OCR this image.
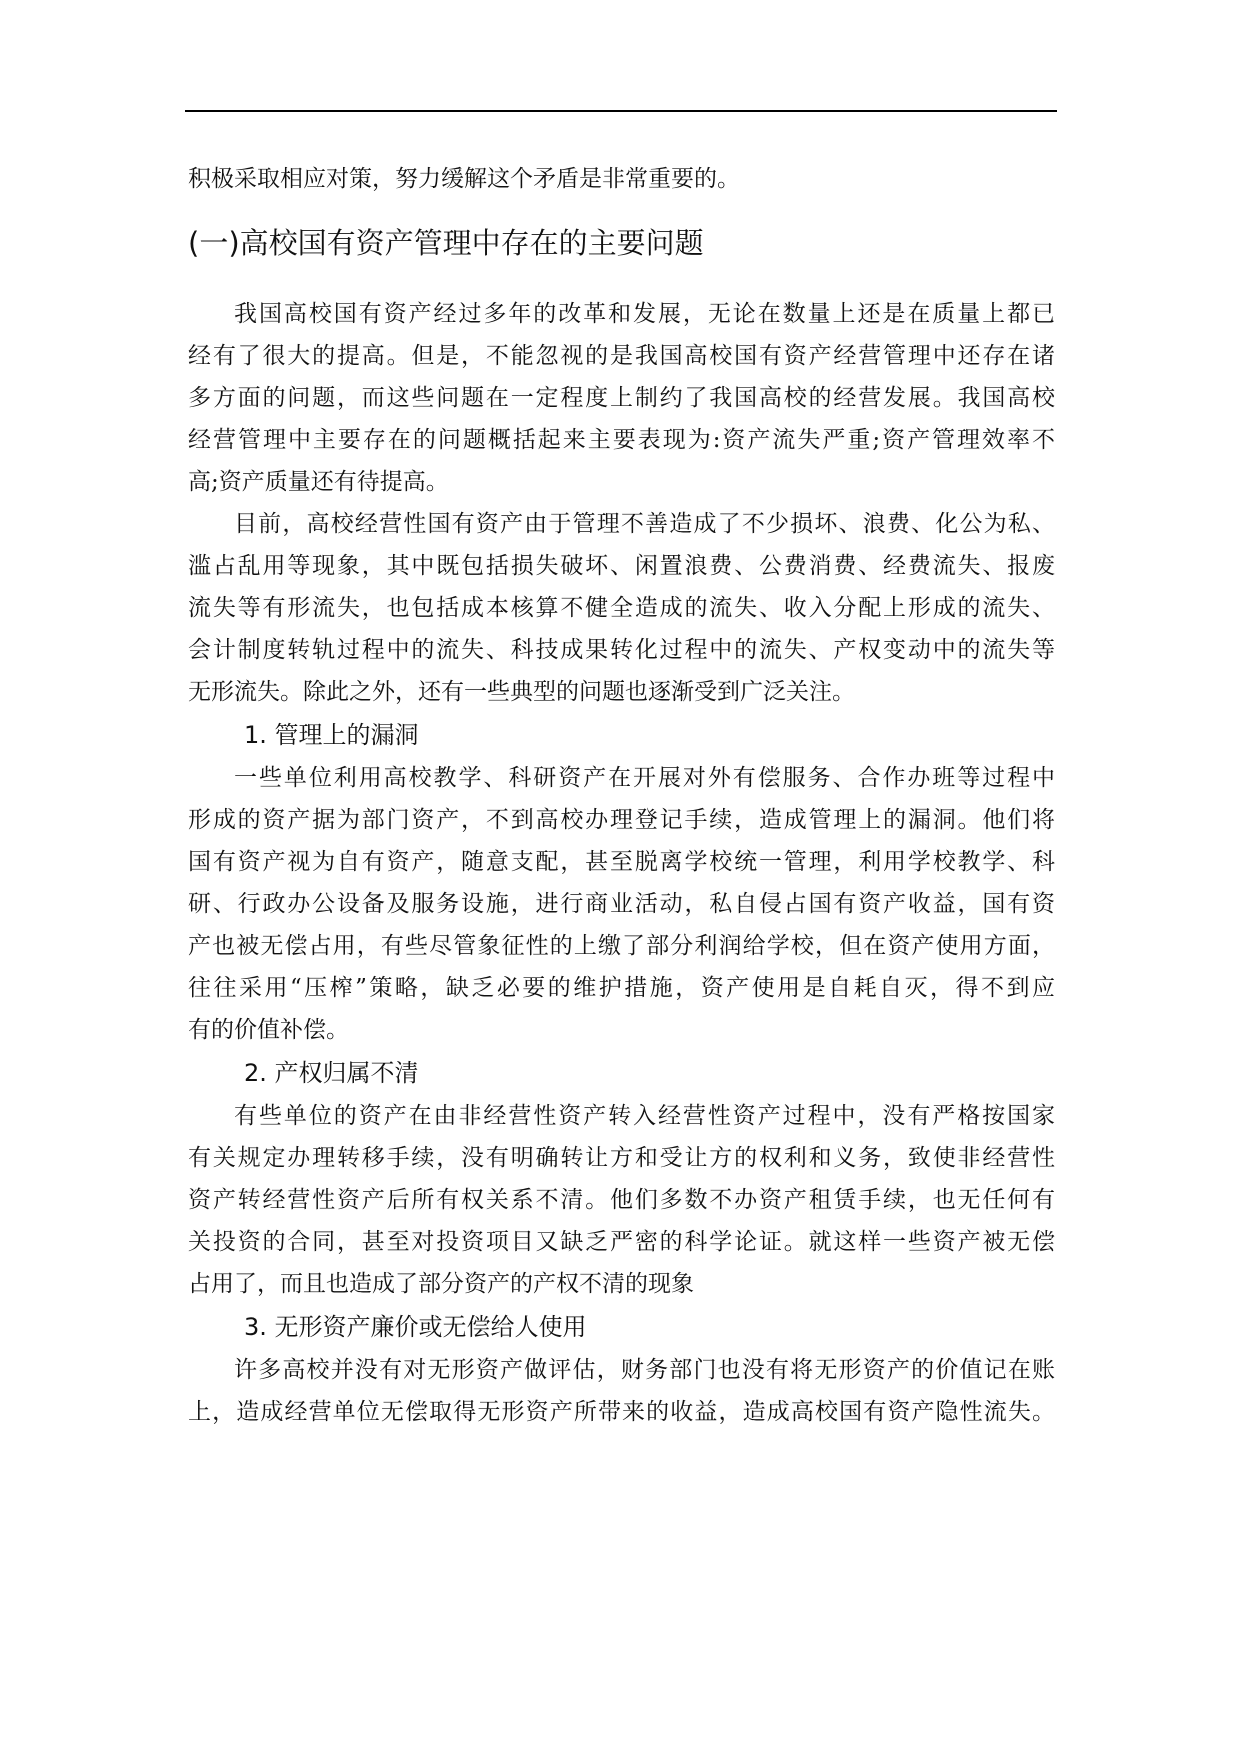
积极采取相应对策，努力缓解这个矛盾是非常重要的。
(一)高校国有资产管理中存在的主要问题
我国高校国有资产经过多年的改革和发展，无论在数量上还是在质量上都已
经有了很大的提高。但是，不能忽视的是我国高校国有资产经营管理中还存在诸
多方面的问题，而这些问题在一定程度上制约了我国高校的经营发展。我国高校
经营管理中主要存在的问题概括起来主要表现为:资产流失严重;资产管理效率不
高;资产质量还有待提高。
目前，高校经营性国有资产由于管理不善造成了不少损坏、浪费、化公为私、
滥占乱用等现象，其中既包括损失破坏、闲置浪费、公费消费、经费流失、报废
流失等有形流失，也包括成本核算不健全造成的流失、收入分配上形成的流失、
会计制度转轨过程中的流失、科技成果转化过程中的流失、产权变动中的流失等
无形流失。除此之外，还有一些典型的问题也逐渐受到广泛关注。
1. 管理上的漏洞
一些单位利用高校教学、科研资产在开展对外有偿服务、合作办班等过程中
形成的资产据为部门资产，不到高校办理登记手续，造成管理上的漏洞。他们将
国有资产视为自有资产，随意支配，甚至脱离学校统一管理，利用学校教学、科
研、行政办公设备及服务设施，进行商业活动，私自侵占国有资产收益，国有资
产也被无偿占用，有些尽管象征性的上缴了部分利润给学校，但在资产使用方面，
往往采用“压榨”策略，缺乏必要的维护措施，资产使用是自耗自灭，得不到应
有的价值补偿。
2. 产权归属不清
有些单位的资产在由非经营性资产转入经营性资产过程中，没有严格按国家
有关规定办理转移手续，没有明确转让方和受让方的权利和义务，致使非经营性
资产转经营性资产后所有权关系不清。他们多数不办资产租赁手续，也无任何有
关投资的合同，甚至对投资项目又缺乏严密的科学论证。就这样一些资产被无偿
占用了，而且也造成了部分资产的产权不清的现象
3. 无形资产廉价或无偿给人使用
许多高校并没有对无形资产做评估，财务部门也没有将无形资产的价值记在账
上，造成经营单位无偿取得无形资产所带来的收益，造成高校国有资产隐性流失。
